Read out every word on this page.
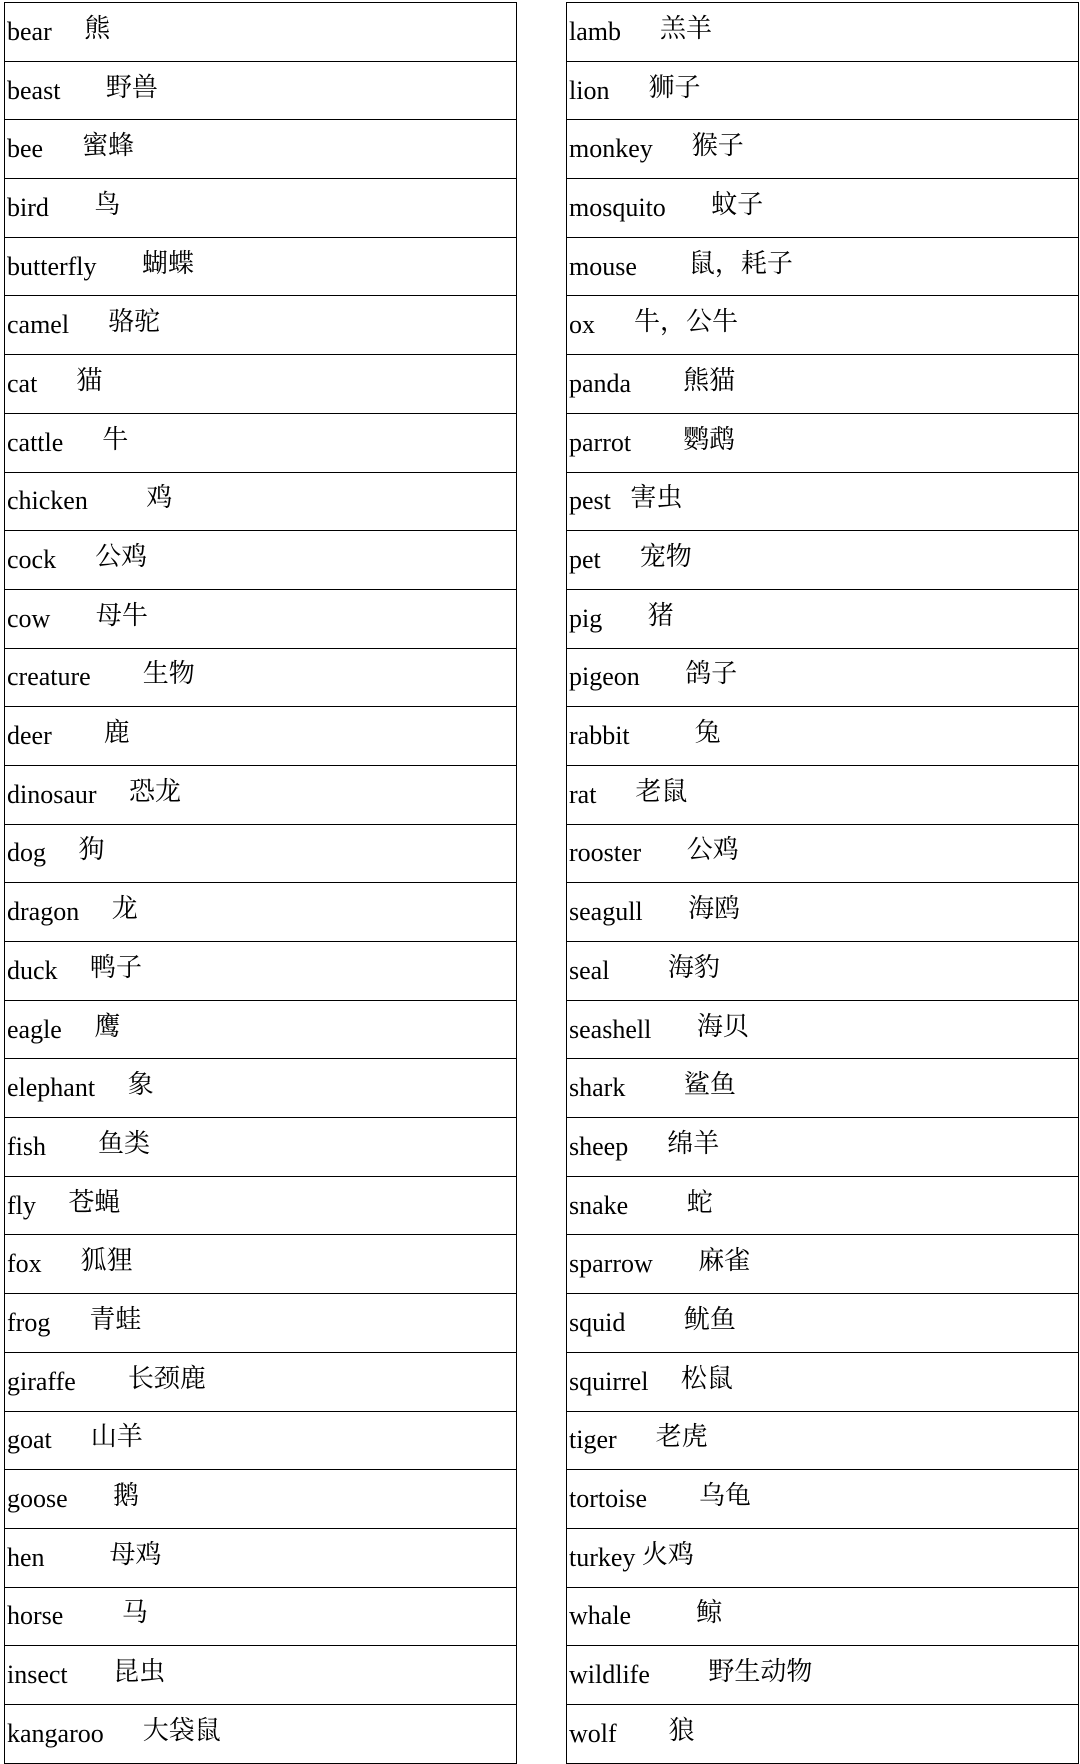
bear
熊
beast
野兽
bee
蜜蜂
bird
鸟
butterfly
蝴蝶
camel
骆驼
cat
猫
cattle
牛
chicken
鸡
cock
公鸡
cow
母牛
creature
生物
deer
鹿
dinosaur
恐龙
dog
狗
dragon
龙
duck
鸭子
eagle
鹰
elephant
象
fish
鱼类
fly
苍蝇
fox
狐狸
frog
青蛙
giraffe
长颈鹿
goat
山羊
goose
鹅
hen
	母鸡
horse
马
insect
昆虫
kangaroo
大袋鼠
lamb
羔羊
lion
狮子
monkey
猴子
mosquito
蚊子
mouse
鼠，耗子
ox
牛，公牛
panda
熊猫
parrot
鹦鹉
pest
害虫
pet
宠物
pig
猪
pigeon
鸽子
rabbit
	兔
rat
老鼠
rooster
公鸡
seagull
海鸥
seal
海豹
seashell
海贝
shark
鲨鱼
sheep
绵羊
snake
蛇
sparrow
麻雀
squid
鱿鱼
squirrel
松鼠
tiger
老虎
tortoise
乌龟
turkey
火鸡
whale
	鲸
wildlife
野生动物
wolf
狼
